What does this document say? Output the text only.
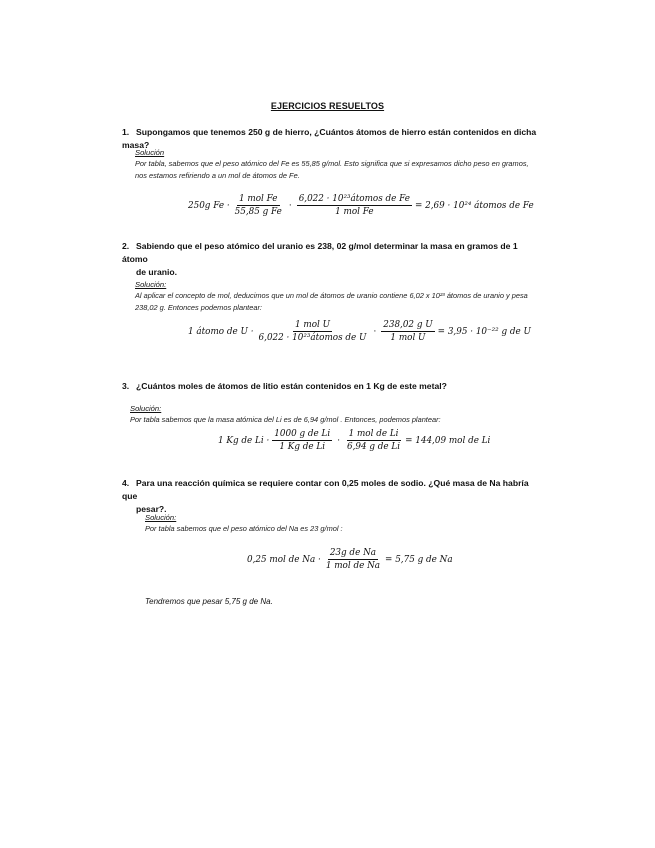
EJERCICIOS RESUELTOS
1. Supongamos que tenemos 250 g de hierro, ¿Cuántos átomos de hierro están contenidos en dicha masa?
Solución
Por tabla, sabemos que el peso atómico del Fe es 55,85 g/mol. Esto significa que si expresamos dicho peso en gramos, nos estamos refiriendo a un mol de átomos de Fe.
250g $Fe \cdot \frac{\text{1 mol Fe}}{\text{55,85 g Fe}} \cdot \frac{\text{6,022 · 10²³átomos de Fe}}{\text{1 mol Fe}} = 2,69 \cdot 10^{24}$ átomos de Fe
2. Sabiendo que el peso atómico del uranio es 238, 02 g/mol determinar la masa en gramos de 1 átomo
de uranio.
Solución:
Al aplicar el concepto de mol, deducimos que un mol de átomos de uranio contiene 6,02 x 10²³ átomos de uranio y pesa 238,02 g. Entonces podemos plantear:
1 átomo de $U \cdot \frac{\text{1 mol U}}{\text{6,022 · 10²³átomos de U}} \cdot \frac{\text{238,02 g U}}{\text{1 mol U}} = 3,95 \cdot 10^{-22}$ g de U
3. ¿Cuántos moles de átomos de litio están contenidos en 1 Kg de este metal?
Solución:
Por tabla sabemos que la masa atómica del Li es de 6,94 g/mol . Entonces, podemos plantear:
1 Kg de $Li \cdot \frac{\text{1000 g de Li}}{\text{1 Kg de Li}} \cdot \frac{\text{1 mol de Li}}{\text{6,94 g de Li}} = 144,09$ mol de Li
4. Para una reacción química se requiere contar con 0,25 moles de sodio. ¿Qué masa de Na habría que
pesar?.
Solución:
Por tabla sabemos que el peso atómico del Na es 23 g/mol :
0,25 mol de $Na \cdot \frac{\text{23g de Na}}{\text{1 mol de Na}} = 5,75$ g de Na
Tendremos que pesar 5,75 g de Na.
